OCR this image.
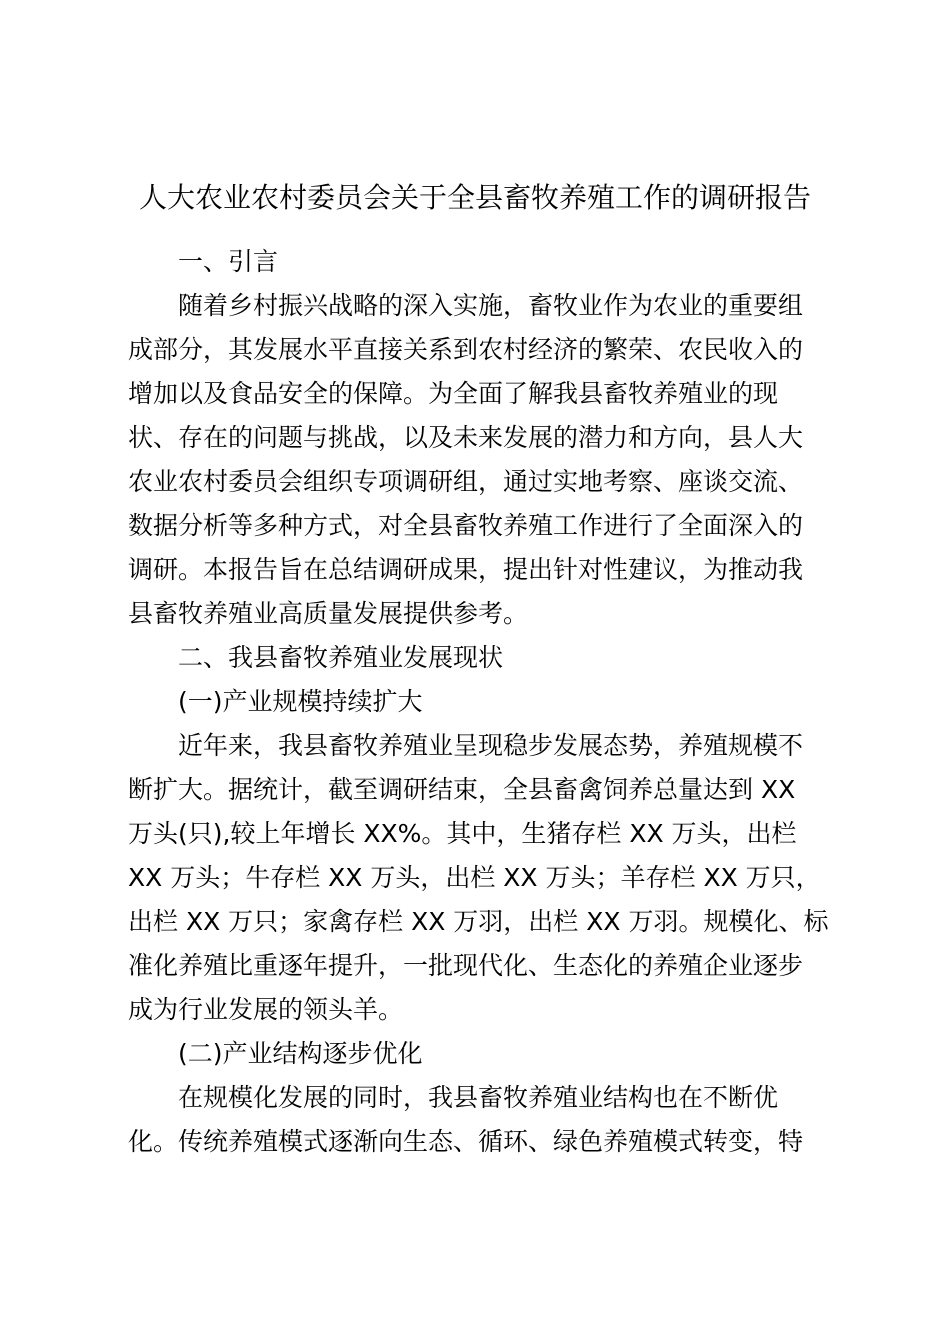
人大农业农村委员会关于全县畜牧养殖工作的调研报告

一、引言

随着乡村振兴战略的深入实施，畜牧业作为农业的重要组

成部分，其发展水平直接关系到农村经济的繁荣、农民收入的

增加以及食品安全的保障。为全面了解我县畜牧养殖业的现

状、存在的问题与挑战，以及未来发展的潜力和方向，县人大

农业农村委员会组织专项调研组，通过实地考察、座谈交流、

数据分析等多种方式，对全县畜牧养殖工作进行了全面深入的

调研。本报告旨在总结调研成果，提出针对性建议，为推动我

县畜牧养殖业高质量发展提供参考。

二、我县畜牧养殖业发展现状

(一)产业规模持续扩大

近年来，我县畜牧养殖业呈现稳步发展态势，养殖规模不

断扩大。据统计，截至调研结束，全县畜禽饲养总量达到 XX

万头(只),较上年增长 XX%。其中，生猪存栏 XX 万头，出栏

XX 万头；牛存栏 XX 万头，出栏 XX 万头；羊存栏 XX 万只，

出栏 XX 万只；家禽存栏 XX 万羽，出栏 XX 万羽。规模化、标

准化养殖比重逐年提升，一批现代化、生态化的养殖企业逐步

成为行业发展的领头羊。

(二)产业结构逐步优化

在规模化发展的同时，我县畜牧养殖业结构也在不断优

化。传统养殖模式逐渐向生态、循环、绿色养殖模式转变，特
